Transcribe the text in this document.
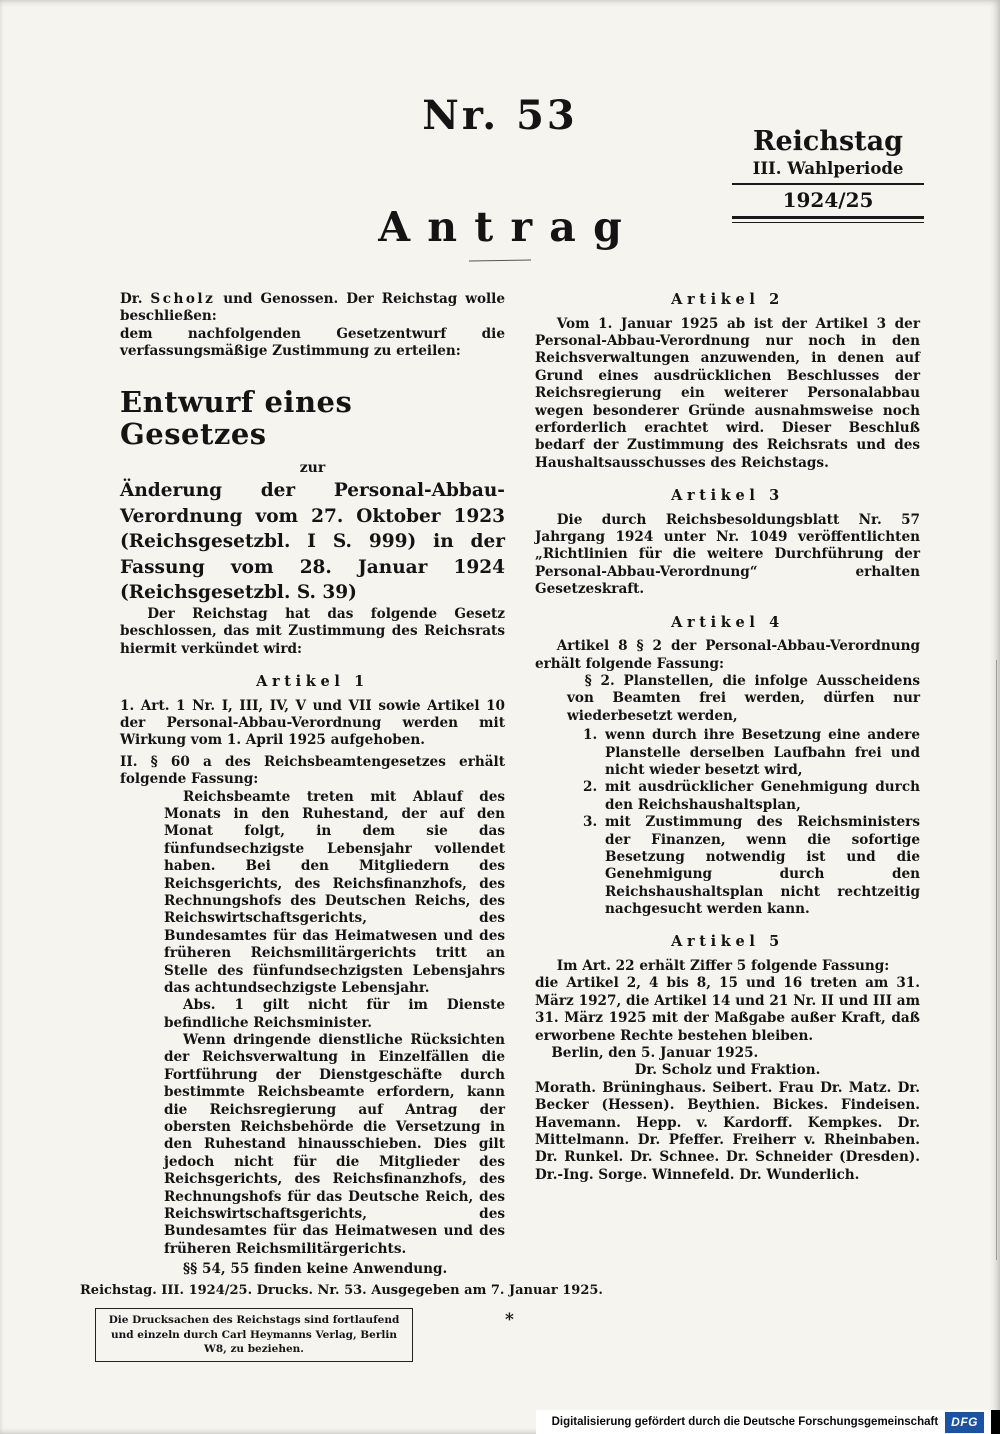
Nr. 53
Reichstag
III. Wahlperiode
1924/25
Antrag

Dr. Scholz und Genossen. Der Reichstag wolle beschließen:

dem nachfolgenden Gesetzentwurf die verfassungsmäßige Zustimmung zu erteilen:

Entwurf eines Gesetzes
zur

Änderung der Personal-Abbau-Verordnung vom 27. Oktober 1923 (Reichsgesetzbl. I S. 999) in der Fassung vom 28. Januar 1924 (Reichsgesetzbl. S. 39)

Der Reichstag hat das folgende Gesetz beschlossen, das mit Zustimmung des Reichsrats hiermit verkündet wird:

Artikel 1

1. Art. 1 Nr. I, III, IV, V und VII sowie Artikel 10 der Personal-Abbau-Verordnung werden mit Wirkung vom 1. April 1925 aufgehoben.

II. § 60 a des Reichsbeamtengesetzes erhält folgende Fassung:

Reichsbeamte treten mit Ablauf des Monats in den Ruhestand, der auf den Monat folgt, in dem sie das fünfundsechzigste Lebensjahr vollendet haben. Bei den Mitgliedern des Reichsgerichts, des Reichsfinanzhofs, des Rechnungshofs des Deutschen Reichs, des Reichswirtschaftsgerichts, des Bundesamtes für das Heimatwesen und des früheren Reichsmilitärgerichts tritt an Stelle des fünfundsechzigsten Lebensjahrs das achtundsechzigste Lebensjahr.

Abs. 1 gilt nicht für im Dienste befindliche Reichsminister.

Wenn dringende dienstliche Rücksichten der Reichsverwaltung in Einzelfällen die Fortführung der Dienstgeschäfte durch bestimmte Reichsbeamte erfordern, kann die Reichsregierung auf Antrag der obersten Reichsbehörde die Versetzung in den Ruhestand hinausschieben. Dies gilt jedoch nicht für die Mitglieder des Reichsgerichts, des Reichsfinanzhofs, des Rechnungshofs für das Deutsche Reich, des Reichswirtschaftsgerichts, des Bundesamtes für das Heimatwesen und des früheren Reichsmilitärgerichts.

§§ 54, 55 finden keine Anwendung.

Artikel 2

Vom 1. Januar 1925 ab ist der Artikel 3 der Personal-Abbau-Verordnung nur noch in den Reichsverwaltungen anzuwenden, in denen auf Grund eines ausdrücklichen Beschlusses der Reichsregierung ein weiterer Personalabbau wegen besonderer Gründe ausnahmsweise noch erforderlich erachtet wird. Dieser Beschluß bedarf der Zustimmung des Reichsrats und des Haushaltsausschusses des Reichstags.

Artikel 3

Die durch Reichsbesoldungsblatt Nr. 57 Jahrgang 1924 unter Nr. 1049 veröffentlichten „Richtlinien für die weitere Durchführung der Personal-Abbau-Verordnung“ erhalten Gesetzeskraft.

Artikel 4

Artikel 8 § 2 der Personal-Abbau-Verordnung erhält folgende Fassung:

§ 2. Planstellen, die infolge Ausscheidens von Beamten frei werden, dürfen nur wiederbesetzt werden,

1. wenn durch ihre Besetzung eine andere Planstelle derselben Laufbahn frei und nicht wieder besetzt wird,
2. mit ausdrücklicher Genehmigung durch den Reichshaushaltsplan,
3. mit Zustimmung des Reichsministers der Finanzen, wenn die sofortige Besetzung notwendig ist und die Genehmigung durch den Reichshaushaltsplan nicht rechtzeitig nachgesucht werden kann.
Artikel 5

Im Art. 22 erhält Ziffer 5 folgende Fassung:

die Artikel 2, 4 bis 8, 15 und 16 treten am 31. März 1927, die Artikel 14 und 21 Nr. II und III am 31. März 1925 mit der Maßgabe außer Kraft, daß erworbene Rechte bestehen bleiben.

Berlin, den 5. Januar 1925.

Dr. Scholz und Fraktion.

Morath. Brüninghaus. Seibert. Frau Dr. Matz. Dr. Becker (Hessen). Beythien. Bickes. Findeisen. Havemann. Hepp. v. Kardorff. Kempkes. Dr. Mittelmann. Dr. Pfeffer. Freiherr v. Rheinbaben. Dr. Runkel. Dr. Schnee. Dr. Schneider (Dresden). Dr.-Ing. Sorge. Winnefeld. Dr. Wunderlich.

Reichstag. III. 1924/25. Drucks. Nr. 53. Ausgegeben am 7. Januar 1925.
Die Drucksachen des Reichstags sind fortlaufend und einzeln durch Carl Heymanns Verlag, Berlin W8, zu beziehen.
*
Digitalisierung gefördert durch die Deutsche Forschungsgemeinschaft	DFG
